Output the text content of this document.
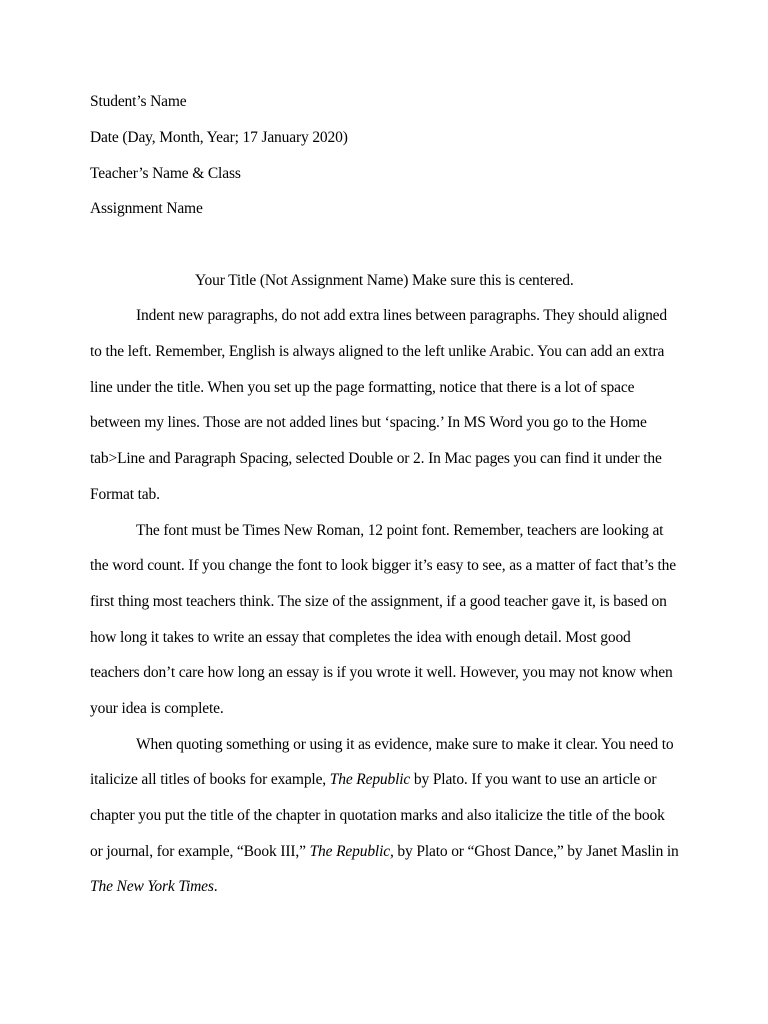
Student’s Name
Date (Day, Month, Year; 17 January 2020)
Teacher’s Name & Class
Assignment Name
Your Title (Not Assignment Name) Make sure this is centered.
Indent new paragraphs, do not add extra lines between paragraphs. They should aligned
to the left. Remember, English is always aligned to the left unlike Arabic. You can add an extra
line under the title. When you set up the page formatting, notice that there is a lot of space
between my lines. Those are not added lines but ‘spacing.’ In MS Word you go to the Home
tab>Line and Paragraph Spacing, selected Double or 2. In Mac pages you can find it under the
Format tab.
The font must be Times New Roman, 12 point font. Remember, teachers are looking at
the word count. If you change the font to look bigger it’s easy to see, as a matter of fact that’s the
first thing most teachers think. The size of the assignment, if a good teacher gave it, is based on
how long it takes to write an essay that completes the idea with enough detail. Most good
teachers don’t care how long an essay is if you wrote it well. However, you may not know when
your idea is complete.
When quoting something or using it as evidence, make sure to make it clear. You need to
italicize all titles of books for example, The Republic by Plato. If you want to use an article or
chapter you put the title of the chapter in quotation marks and also italicize the title of the book
or journal, for example, “Book III,” The Republic, by Plato or “Ghost Dance,” by Janet Maslin in
The New York Times.
